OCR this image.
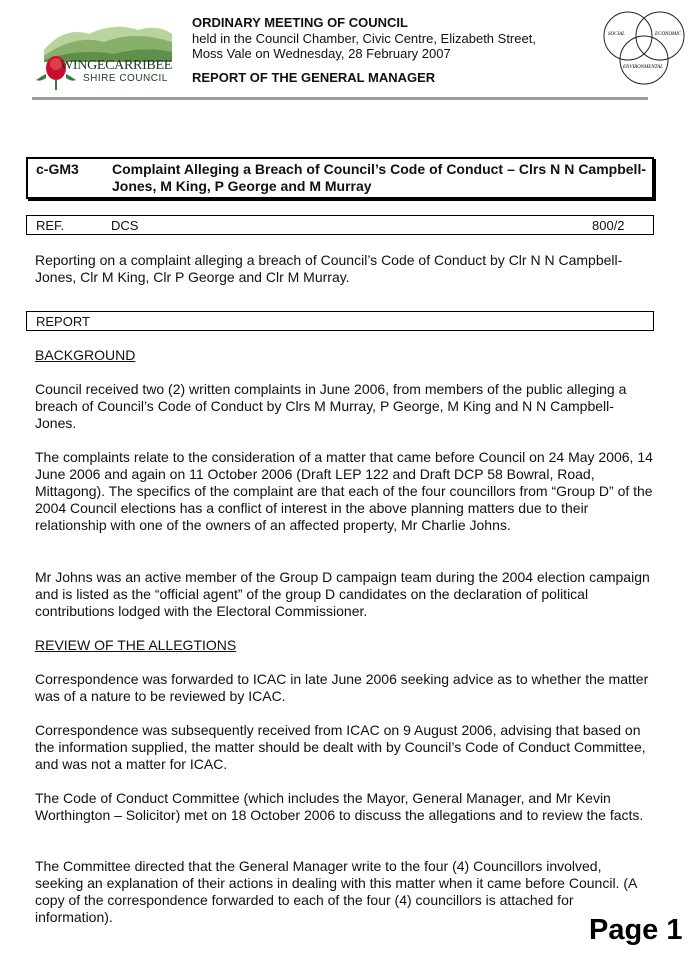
WINGECARRIBEE
SHIRE COUNCIL
ORDINARY MEETING OF COUNCIL
held in the Council Chamber, Civic Centre, Elizabeth Street,
Moss Vale on Wednesday, 28 February 2007
REPORT OF THE GENERAL MANAGER
SOCIAL	ECONOMIC
ENVIRONMENTAL
c-GM3 Complaint Alleging a Breach of Council’s Code of Conduct – Clrs N N Campbell-Jones, M King, P George and M Murray
REF.	DCS	800/2
Reporting on a complaint alleging a breach of Council’s Code of Conduct by Clr N N Campbell-Jones, Clr M King, Clr P George and Clr M Murray.
REPORT
BACKGROUND
Council received two (2) written complaints in June 2006, from members of the public alleging a breach of Council’s Code of Conduct by Clrs M Murray, P George, M King and N N Campbell-Jones.
The complaints relate to the consideration of a matter that came before Council on 24 May 2006, 14 June 2006 and again on 11 October 2006 (Draft LEP 122 and Draft DCP 58 Bowral, Road, Mittagong). The specifics of the complaint are that each of the four councillors from “Group D” of the 2004 Council elections has a conflict of interest in the above planning matters due to their relationship with one of the owners of an affected property, Mr Charlie Johns.
Mr Johns was an active member of the Group D campaign team during the 2004 election campaign and is listed as the “official agent” of the group D candidates on the declaration of political contributions lodged with the Electoral Commissioner.
REVIEW OF THE ALLEGTIONS
Correspondence was forwarded to ICAC in late June 2006 seeking advice as to whether the matter was of a nature to be reviewed by ICAC.
Correspondence was subsequently received from ICAC on 9 August 2006, advising that based on the information supplied, the matter should be dealt with by Council’s Code of Conduct Committee, and was not a matter for ICAC.
The Code of Conduct Committee (which includes the Mayor, General Manager, and Mr Kevin Worthington – Solicitor) met on 18 October 2006 to discuss the allegations and to review the facts.
The Committee directed that the General Manager write to the four (4) Councillors involved, seeking an explanation of their actions in dealing with this matter when it came before Council. (A copy of the correspondence forwarded to each of the four (4) councillors is attached for information).	Page 1
